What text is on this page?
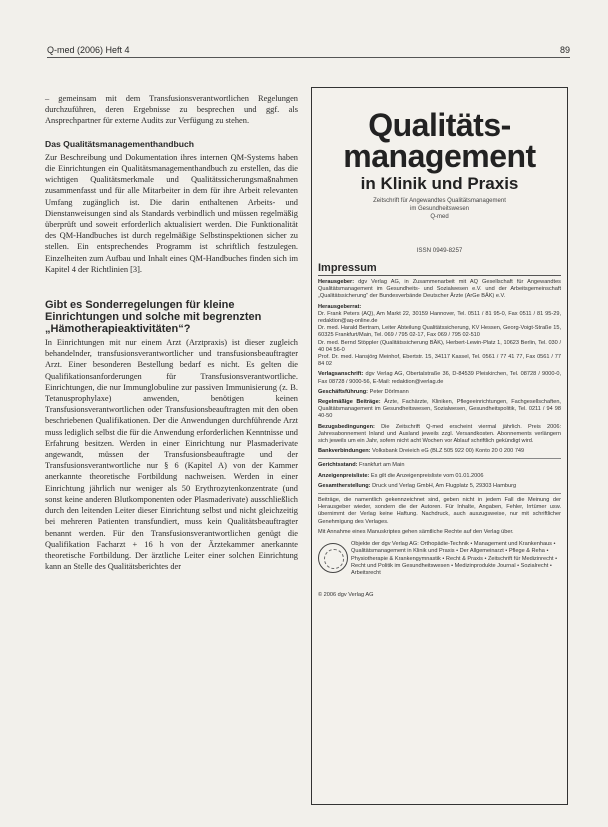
Q-med (2006) Heft 4	89

– gemeinsam mit dem Transfusionsverantwortlichen Regelungen durchzuführen, deren Ergebnisse zu besprechen und ggf. als Ansprechpartner für externe Audits zur Verfügung zu stehen.

Das Qualitätsmanagementhandbuch

Zur Beschreibung und Dokumentation ihres internen QM-Systems haben die Einrichtungen ein Qualitätsmanagementhandbuch zu erstellen, das die wichtigen Qualitätsmerkmale und Qualitätssicherungsmaßnahmen zusammenfasst und für alle Mitarbeiter in dem für ihre Arbeit relevanten Umfang zugänglich ist. Die darin enthaltenen Arbeits- und Dienstanweisungen sind als Standards verbindlich und müssen regelmäßig überprüft und soweit erforderlich aktualisiert werden. Die Funktionalität des QM-Handbuches ist durch regelmäßige Selbstinspektionen sicher zu stellen. Ein entsprechendes Programm ist schriftlich festzulegen. Einzelheiten zum Aufbau und Inhalt eines QM-Handbuches finden sich im Kapitel 4 der Richtlinien [3].

Gibt es Sonderregelungen für kleine Einrichtungen und solche mit begrenzten „Hämotherapieaktivitäten“?

In Einrichtungen mit nur einem Arzt (Arztpraxis) ist dieser zugleich behandelnder, transfusionsverantwortlicher und transfusionsbeauftragter Arzt. Einer besonderen Bestellung bedarf es nicht. Es gelten die Qualifikationsanforderungen für Transfusionsverantwortliche. Einrichtungen, die nur Immunglobuline zur passiven Immunisierung (z. B. Tetanusprophylaxe) anwenden, benötigen keinen Transfusionsverantwortlichen oder Transfusionsbeauftragten mit den oben beschriebenen Qualifikationen. Der die Anwendungen durchführende Arzt muss lediglich selbst die für die Anwendung erforderlichen Kenntnisse und Erfahrung besitzen. Werden in einer Einrichtung nur Plasmaderivate angewandt, müssen der Transfusionsbeauftragte und der Transfusionsverantwortliche nur § 6 (Kapitel A) von der Kammer anerkannte theoretische Fortbildung nachweisen. Werden in einer Einrichtung jährlich nur weniger als 50 Erythrozytenkonzentrate (und sonst keine anderen Blutkomponenten oder Plasmaderivate) ausschließlich durch den leitenden Leiter dieser Einrichtung selbst und nicht gleichzeitig bei mehreren Patienten transfundiert, muss kein Qualitätsbeauftragter benannt werden. Für den Transfusionsverantwortlichen genügt die Qualifikation Facharzt + 16 h von der Ärztekammer anerkannte theoretische Fortbildung. Der ärztliche Leiter einer solchen Einrichtung kann an Stelle des Qualitätsberichtes der

Qualitäts-
management
in Klinik und Praxis
Zeitschrift für Angewandtes Qualitätsmanagement
im Gesundheitswesen
Q-med
ISSN 0949-8257
Impressum

Herausgeber: dgv Verlag AG, in Zusammenarbeit mit AQ Gesellschaft für Angewandtes Qualitätsmanagement im Gesundheits- und Sozialwesen e.V. und der Arbeitsgemeinschaft „Qualitätssicherung“ der Bundesverbände Deutscher Ärzte (ArGe BÄK) e.V.

Herausgeberrat:
Dr. Frank Peters (AQ), Am Markt 22, 30159 Hannover, Tel. 0511 / 81 95-0, Fax 0511 / 81 95-29, redaktion@aq-online.de
Dr. med. Harald Bertram, Leiter Abteilung Qualitätssicherung, KV Hessen, Georg-Voigt-Straße 15, 60325 Frankfurt/Main, Tel. 069 / 795 02-17, Fax 069 / 795 02-510
Dr. med. Bernd Stöppler (Qualitätssicherung BÄK), Herbert-Lewin-Platz 1, 10623 Berlin, Tel. 030 / 40 04 56-0
Prof. Dr. med. Hansjörg Meinhof, Ebertstr. 15, 34117 Kassel, Tel. 0561 / 77 41 77, Fax 0561 / 77 84 02

Verlagsanschrift: dgv Verlag AG, Obertalstraße 36, D-84539 Pleiskirchen, Tel. 08728 / 9000-0, Fax 08728 / 9000-56, E-Mail: redaktion@verlag.de

Geschäftsführung: Peter Dörlmann

Regelmäßige Beiträge: Ärzte, Fachärzte, Kliniken, Pflegeeinrichtungen, Fachgesellschaften, Qualitätsmanagement im Gesundheitswesen, Sozialwesen, Gesundheitspolitik, Tel. 0211 / 94 98 40-50

Bezugsbedingungen: Die Zeitschrift Q-med erscheint viermal jährlich. Preis 2006: Jahresabonnement Inland und Ausland jeweils zzgl. Versandkosten. Abonnements verlängern sich jeweils um ein Jahr, sofern nicht acht Wochen vor Ablauf schriftlich gekündigt wird.

Bankverbindungen: Volksbank Dreieich eG (BLZ 505 922 00) Konto 20 0 200 749

Gerichtsstand: Frankfurt am Main

Anzeigenpreisliste: Es gilt die Anzeigenpreisliste vom 01.01.2006

Gesamtherstellung: Druck und Verlag GmbH, Am Flugplatz 5, 29303 Hamburg

Beiträge, die namentlich gekennzeichnet sind, geben nicht in jedem Fall die Meinung der Herausgeber wieder, sondern die der Autoren. Für Inhalte, Angaben, Fehler, Irrtümer usw. übernimmt der Verlag keine Haftung. Nachdruck, auch auszugsweise, nur mit schriftlicher Genehmigung des Verlages.

Mit Annahme eines Manuskriptes gehen sämtliche Rechte auf den Verlag über.

Objekte der dgv Verlag AG: Orthopädie-Technik • Management und Krankenhaus • Qualitätsmanagement in Klinik und Praxis • Der Allgemeinarzt • Pflege & Reha • Physiotherapie & Krankengymnastik • Recht & Praxis • Zeitschrift für Medizinrecht • Recht und Politik im Gesundheitswesen • Medizinprodukte Journal • Sozialrecht • Arbeitsrecht
© 2006 dgv Verlag AG
